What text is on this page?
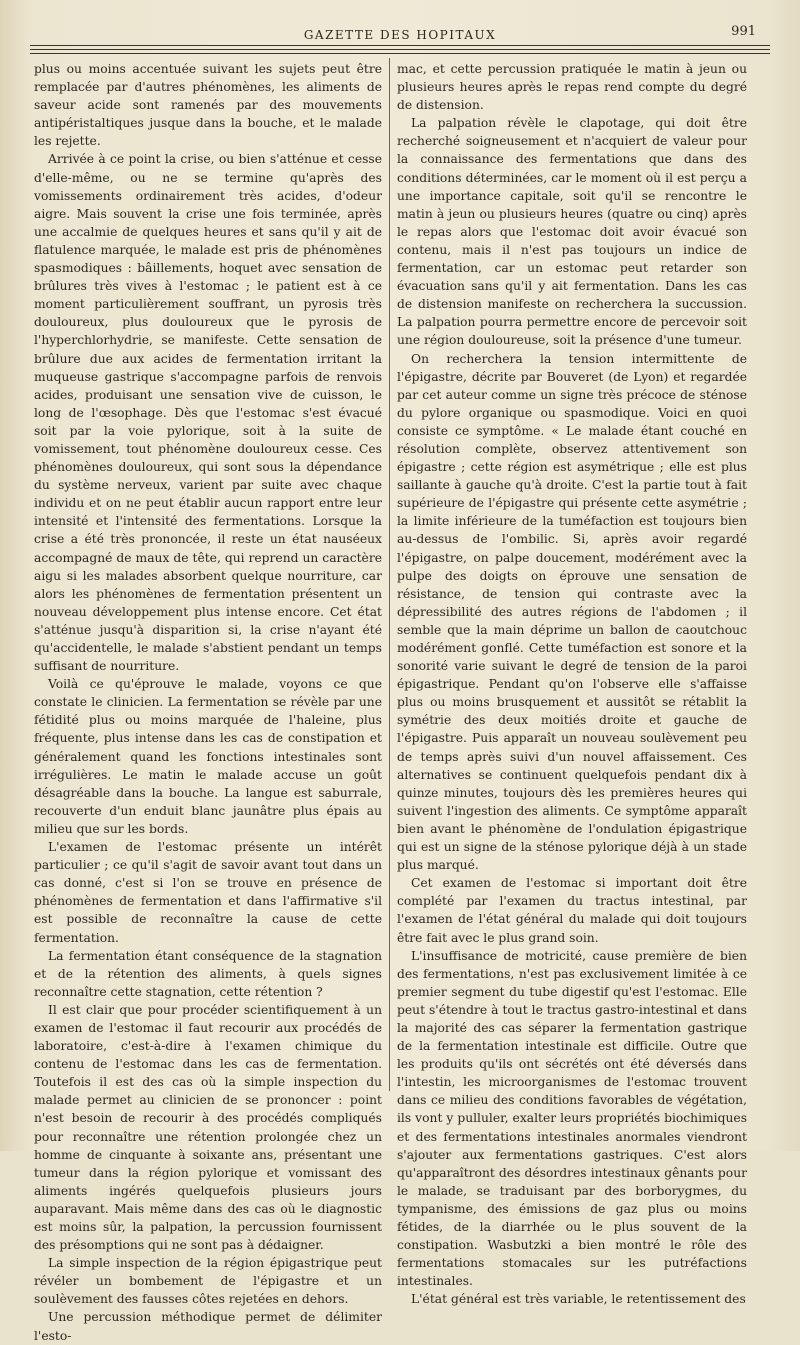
GAZETTE DES HOPITAUX	991

plus ou moins accentuée suivant les sujets peut être remplacée par d'autres phénomènes, les aliments de saveur acide sont ramenés par des mouvements antipéristaltiques jusque dans la bouche, et le malade les rejette.

Arrivée à ce point la crise, ou bien s'atténue et cesse d'elle-même, ou ne se termine qu'après des vomissements ordinairement très acides, d'odeur aigre. Mais souvent la crise une fois terminée, après une accalmie de quelques heures et sans qu'il y ait de flatulence marquée, le malade est pris de phénomènes spasmodiques : bâillements, hoquet avec sensation de brûlures très vives à l'estomac ; le patient est à ce moment particulièrement souffrant, un pyrosis très douloureux, plus douloureux que le pyrosis de l'hyperchlorhydrie, se manifeste. Cette sensation de brûlure due aux acides de fermentation irritant la muqueuse gastrique s'accompagne parfois de renvois acides, produisant une sensation vive de cuisson, le long de l'œsophage. Dès que l'estomac s'est évacué soit par la voie pylorique, soit à la suite de vomissement, tout phénomène douloureux cesse. Ces phénomènes douloureux, qui sont sous la dépendance du système nerveux, varient par suite avec chaque individu et on ne peut établir aucun rapport entre leur intensité et l'intensité des fermentations. Lorsque la crise a été très prononcée, il reste un état nauséeux accompagné de maux de tête, qui reprend un caractère aigu si les malades absorbent quelque nourriture, car alors les phénomènes de fermentation présentent un nouveau développement plus intense encore. Cet état s'atténue jusqu'à disparition si, la crise n'ayant été qu'accidentelle, le malade s'abstient pendant un temps suffisant de nourriture.

Voilà ce qu'éprouve le malade, voyons ce que constate le clinicien. La fermentation se révèle par une fétidité plus ou moins marquée de l'haleine, plus fréquente, plus intense dans les cas de constipation et généralement quand les fonctions intestinales sont irrégulières. Le matin le malade accuse un goût désagréable dans la bouche. La langue est saburrale, recouverte d'un enduit blanc jaunâtre plus épais au milieu que sur les bords.

L'examen de l'estomac présente un intérêt particulier ; ce qu'il s'agit de savoir avant tout dans un cas donné, c'est si l'on se trouve en présence de phénomènes de fermentation et dans l'affirmative s'il est possible de reconnaître la cause de cette fermentation.

La fermentation étant conséquence de la stagnation et de la rétention des aliments, à quels signes reconnaître cette stagnation, cette rétention ?

Il est clair que pour procéder scientifiquement à un examen de l'estomac il faut recourir aux procédés de laboratoire, c'est-à-dire à l'examen chimique du contenu de l'estomac dans les cas de fermentation. Toutefois il est des cas où la simple inspection du malade permet au clinicien de se prononcer : point n'est besoin de recourir à des procédés compliqués pour reconnaître une rétention prolongée chez un homme de cinquante à soixante ans, présentant une tumeur dans la région pylorique et vomissant des aliments ingérés quelquefois plusieurs jours auparavant. Mais même dans des cas où le diagnostic est moins sûr, la palpation, la percussion fournissent des présomptions qui ne sont pas à dédaigner.

La simple inspection de la région épigastrique peut révéler un bombement de l'épigastre et un soulèvement des fausses côtes rejetées en dehors.

Une percussion méthodique permet de délimiter l'esto-

mac, et cette percussion pratiquée le matin à jeun ou plusieurs heures après le repas rend compte du degré de distension.

La palpation révèle le clapotage, qui doit être recherché soigneusement et n'acquiert de valeur pour la connaissance des fermentations que dans des conditions déterminées, car le moment où il est perçu a une importance capitale, soit qu'il se rencontre le matin à jeun ou plusieurs heures (quatre ou cinq) après le repas alors que l'estomac doit avoir évacué son contenu, mais il n'est pas toujours un indice de fermentation, car un estomac peut retarder son évacuation sans qu'il y ait fermentation. Dans les cas de distension manifeste on recherchera la succussion. La palpation pourra permettre encore de percevoir soit une région douloureuse, soit la présence d'une tumeur.

On recherchera la tension intermittente de l'épigastre, décrite par Bouveret (de Lyon) et regardée par cet auteur comme un signe très précoce de sténose du pylore organique ou spasmodique. Voici en quoi consiste ce symptôme. « Le malade étant couché en résolution complète, observez attentivement son épigastre ; cette région est asymétrique ; elle est plus saillante à gauche qu'à droite. C'est la partie tout à fait supérieure de l'épigastre qui présente cette asymétrie ; la limite inférieure de la tuméfaction est toujours bien au-dessus de l'ombilic. Si, après avoir regardé l'épigastre, on palpe doucement, modérément avec la pulpe des doigts on éprouve une sensation de résistance, de tension qui contraste avec la dépressibilité des autres régions de l'abdomen ; il semble que la main déprime un ballon de caoutchouc modérément gonflé. Cette tuméfaction est sonore et la sonorité varie suivant le degré de tension de la paroi épigastrique. Pendant qu'on l'observe elle s'affaisse plus ou moins brusquement et aussitôt se rétablit la symétrie des deux moitiés droite et gauche de l'épigastre. Puis apparaît un nouveau soulèvement peu de temps après suivi d'un nouvel affaissement. Ces alternatives se continuent quelquefois pendant dix à quinze minutes, toujours dès les premières heures qui suivent l'ingestion des aliments. Ce symptôme apparaît bien avant le phénomène de l'ondulation épigastrique qui est un signe de la sténose pylorique déjà à un stade plus marqué.

Cet examen de l'estomac si important doit être complété par l'examen du tractus intestinal, par l'examen de l'état général du malade qui doit toujours être fait avec le plus grand soin.

L'insuffisance de motricité, cause première de bien des fermentations, n'est pas exclusivement limitée à ce premier segment du tube digestif qu'est l'estomac. Elle peut s'étendre à tout le tractus gastro-intestinal et dans la majorité des cas séparer la fermentation gastrique de la fermentation intestinale est difficile. Outre que les produits qu'ils ont sécrétés ont été déversés dans l'intestin, les microorganismes de l'estomac trouvent dans ce milieu des conditions favorables de végétation, ils vont y pulluler, exalter leurs propriétés biochimiques et des fermentations intestinales anormales viendront s'ajouter aux fermentations gastriques. C'est alors qu'apparaîtront des désordres intestinaux gênants pour le malade, se traduisant par des borborygmes, du tympanisme, des émissions de gaz plus ou moins fétides, de la diarrhée ou le plus souvent de la constipation. Wasbutzki a bien montré le rôle des fermentations stomacales sur les putréfactions intestinales.

L'état général est très variable, le retentissement des
